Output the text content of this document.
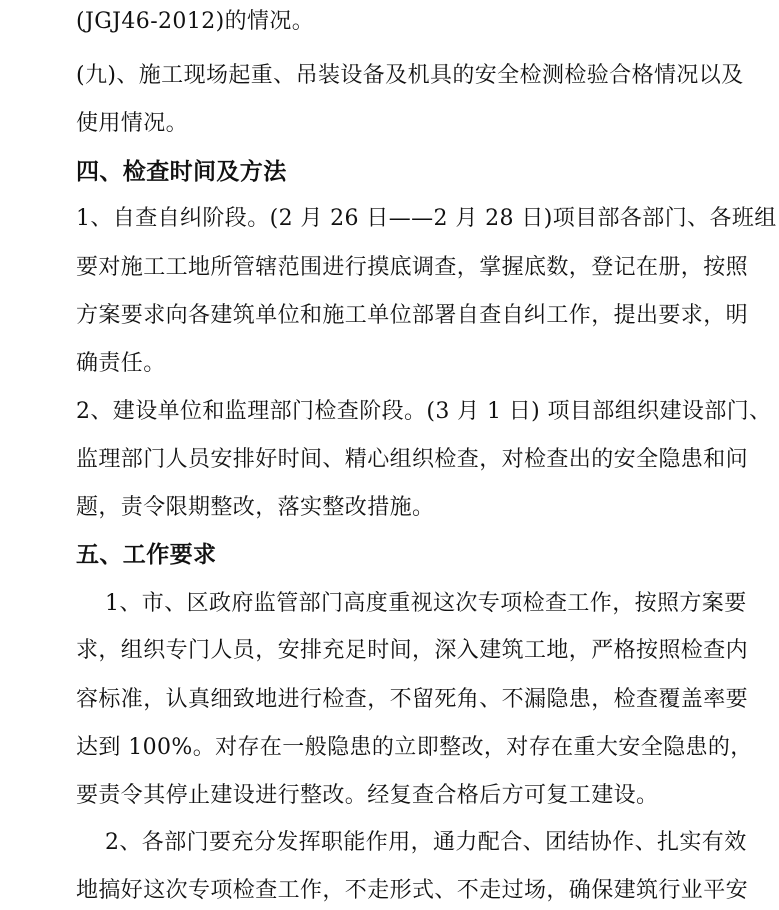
(JGJ46-2012)的情况。
(九)、施工现场起重、吊装设备及机具的安全检测检验合格情况以及
使用情况。
四、检查时间及方法
1、自查自纠阶段。(2 月 26 日——2 月 28 日)项目部各部门、各班组
要对施工工地所管辖范围进行摸底调查，掌握底数，登记在册，按照
方案要求向各建筑单位和施工单位部署自查自纠工作，提出要求，明
确责任。
2、建设单位和监理部门检查阶段。(3 月 1 日) 项目部组织建设部门、
监理部门人员安排好时间、精心组织检查，对检查出的安全隐患和问
题，责令限期整改，落实整改措施。
五、工作要求
1、市、区政府监管部门高度重视这次专项检查工作，按照方案要
求，组织专门人员，安排充足时间，深入建筑工地，严格按照检查内
容标准，认真细致地进行检查，不留死角、不漏隐患，检查覆盖率要
达到 100%。对存在一般隐患的立即整改，对存在重大安全隐患的，
要责令其停止建设进行整改。经复查合格后方可复工建设。
2、各部门要充分发挥职能作用，通力配合、团结协作、扎实有效
地搞好这次专项检查工作，不走形式、不走过场，确保建筑行业平安
